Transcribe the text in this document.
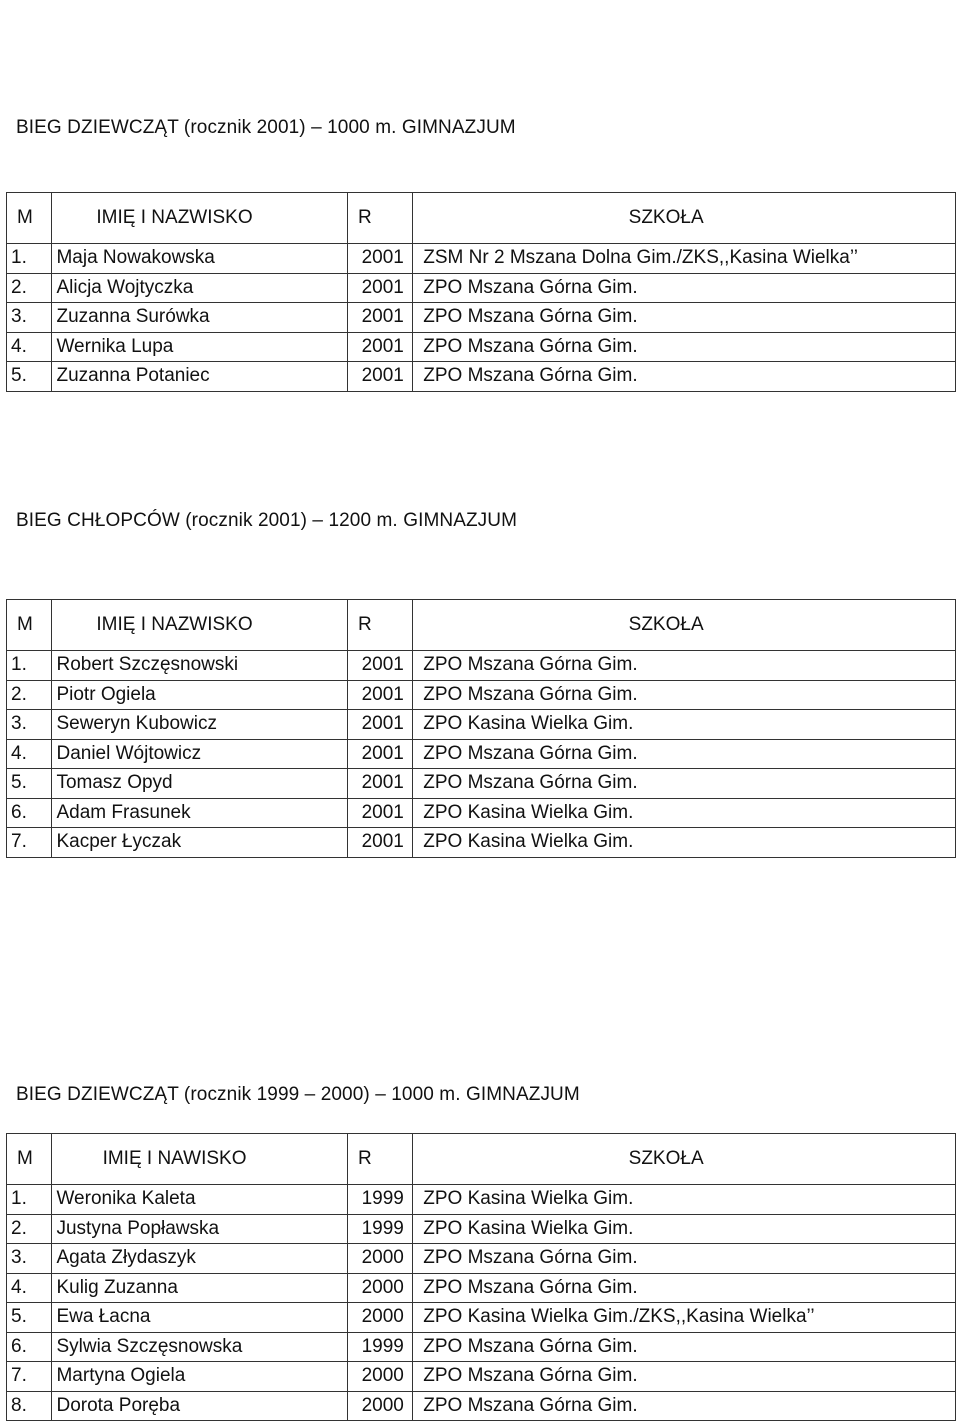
BIEG DZIEWCZĄT (rocznik 2001) – 1000 m. GIMNAZJUM
M	IMIĘ I NAZWISKO	R	SZKOŁA
1.	Maja Nowakowska	2001	ZSM Nr 2 Mszana Dolna Gim./ZKS,,Kasina Wielka’’
2.	Alicja Wojtyczka	2001	ZPO Mszana Górna Gim.
3.	Zuzanna Surówka	2001	ZPO Mszana Górna Gim.
4.	Wernika Lupa	2001	ZPO Mszana Górna Gim.
5.	Zuzanna Potaniec	2001	ZPO Mszana Górna Gim.
BIEG CHŁOPCÓW (rocznik 2001) – 1200 m. GIMNAZJUM
M	IMIĘ I NAZWISKO	R	SZKOŁA
1.	Robert Szczęsnowski	2001	ZPO Mszana Górna Gim.
2.	Piotr Ogiela	2001	ZPO Mszana Górna Gim.
3.	Seweryn Kubowicz	2001	ZPO Kasina Wielka Gim.
4.	Daniel Wójtowicz	2001	ZPO Mszana Górna Gim.
5.	Tomasz Opyd	2001	ZPO Mszana Górna Gim.
6.	Adam Frasunek	2001	ZPO Kasina Wielka Gim.
7.	Kacper Łyczak	2001	ZPO Kasina Wielka Gim.
BIEG DZIEWCZĄT (rocznik 1999 – 2000) – 1000 m. GIMNAZJUM
M	IMIĘ I NAWISKO	R	SZKOŁA
1.	Weronika Kaleta	1999	ZPO Kasina Wielka Gim.
2.	Justyna Popławska	1999	ZPO Kasina Wielka Gim.
3.	Agata Złydaszyk	2000	ZPO Mszana Górna Gim.
4.	Kulig Zuzanna	2000	ZPO Mszana Górna Gim.
5.	Ewa Łacna	2000	ZPO Kasina Wielka Gim./ZKS,,Kasina Wielka’’
6.	Sylwia Szczęsnowska	1999	ZPO Mszana Górna Gim.
7.	Martyna Ogiela	2000	ZPO Mszana Górna Gim.
8.	Dorota Poręba	2000	ZPO Mszana Górna Gim.
